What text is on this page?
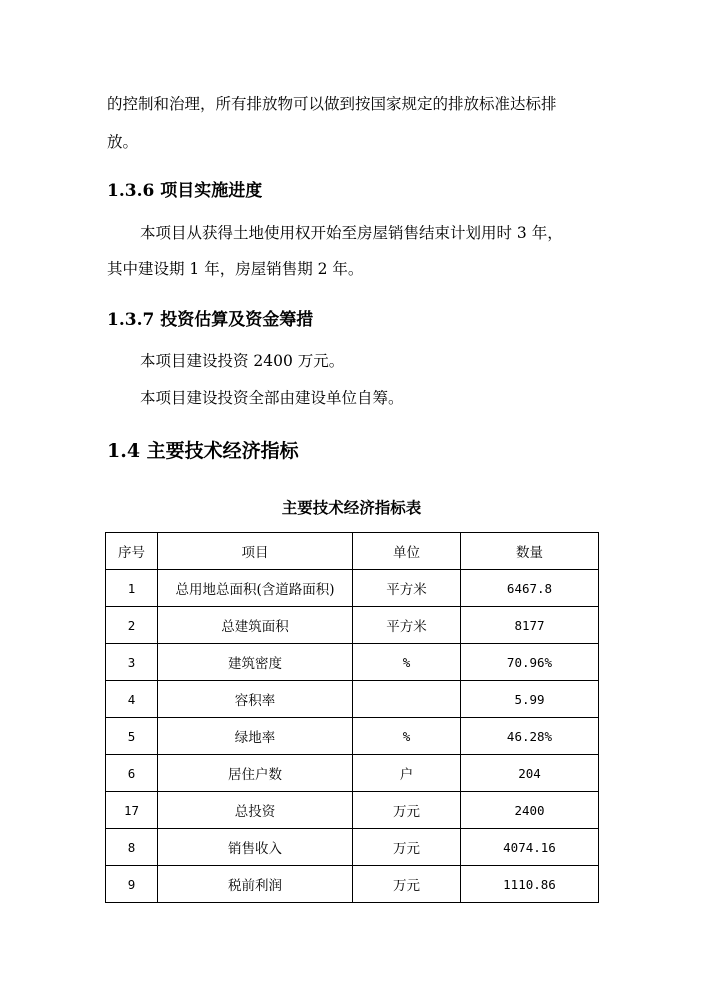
的控制和治理，所有排放物可以做到按国家规定的排放标准达标排
放。
1.3.6 项目实施进度
本项目从获得土地使用权开始至房屋销售结束计划用时 3 年，
其中建设期 1 年，房屋销售期 2 年。
1.3.7 投资估算及资金筹措
本项目建设投资 2400 万元。
本项目建设投资全部由建设单位自筹。
1.4 主要技术经济指标
主要技术经济指标表
序号	项目	单位	数量
1	总用地总面积(含道路面积)	平方米	6467.8
2	总建筑面积	平方米	8177
3	建筑密度	%	70.96%
4	容积率		5.99
5	绿地率	%	46.28%
6	居住户数	户	204
17	总投资	万元	2400
8	销售收入	万元	4074.16
9	税前利润	万元	1110.86
